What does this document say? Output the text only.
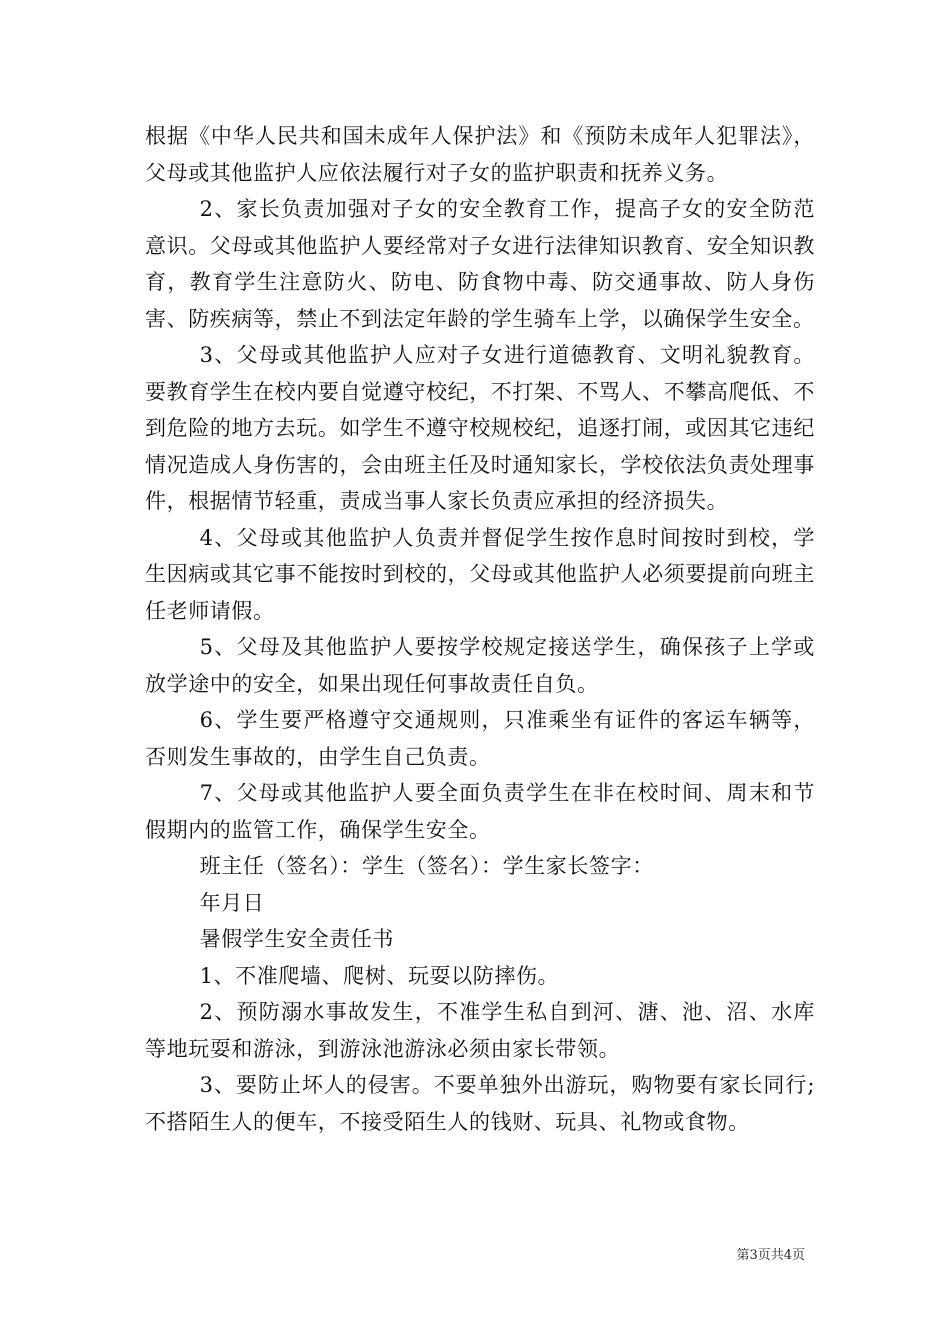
根据《中华人民共和国未成年人保护法》和《预防未成年人犯罪法》，父母或其他监护人应依法履行对子女的监护职责和抚养义务。

2、家长负责加强对子女的安全教育工作，提高子女的安全防范意识。父母或其他监护人要经常对子女进行法律知识教育、安全知识教育，教育学生注意防火、防电、防食物中毒、防交通事故、防人身伤害、防疾病等，禁止不到法定年龄的学生骑车上学，以确保学生安全。

3、父母或其他监护人应对子女进行道德教育、文明礼貌教育。要教育学生在校内要自觉遵守校纪，不打架、不骂人、不攀高爬低、不到危险的地方去玩。如学生不遵守校规校纪，追逐打闹，或因其它违纪情况造成人身伤害的，会由班主任及时通知家长，学校依法负责处理事件，根据情节轻重，责成当事人家长负责应承担的经济损失。

4、父母或其他监护人负责并督促学生按作息时间按时到校，学生因病或其它事不能按时到校的，父母或其他监护人必须要提前向班主任老师请假。

5、父母及其他监护人要按学校规定接送学生，确保孩子上学或放学途中的安全，如果出现任何事故责任自负。

6、学生要严格遵守交通规则，只准乘坐有证件的客运车辆等，否则发生事故的，由学生自己负责。

7、父母或其他监护人要全面负责学生在非在校时间、周末和节假期内的监管工作，确保学生安全。

班主任（签名）：学生（签名）：学生家长签字：

年月日

暑假学生安全责任书

1、不准爬墙、爬树、玩耍以防摔伤。

2、预防溺水事故发生，不准学生私自到河、溏、池、沼、水库等地玩耍和游泳，到游泳池游泳必须由家长带领。

3、要防止坏人的侵害。不要单独外出游玩，购物要有家长同行;不搭陌生人的便车，不接受陌生人的钱财、玩具、礼物或食物。

第3页共4页
